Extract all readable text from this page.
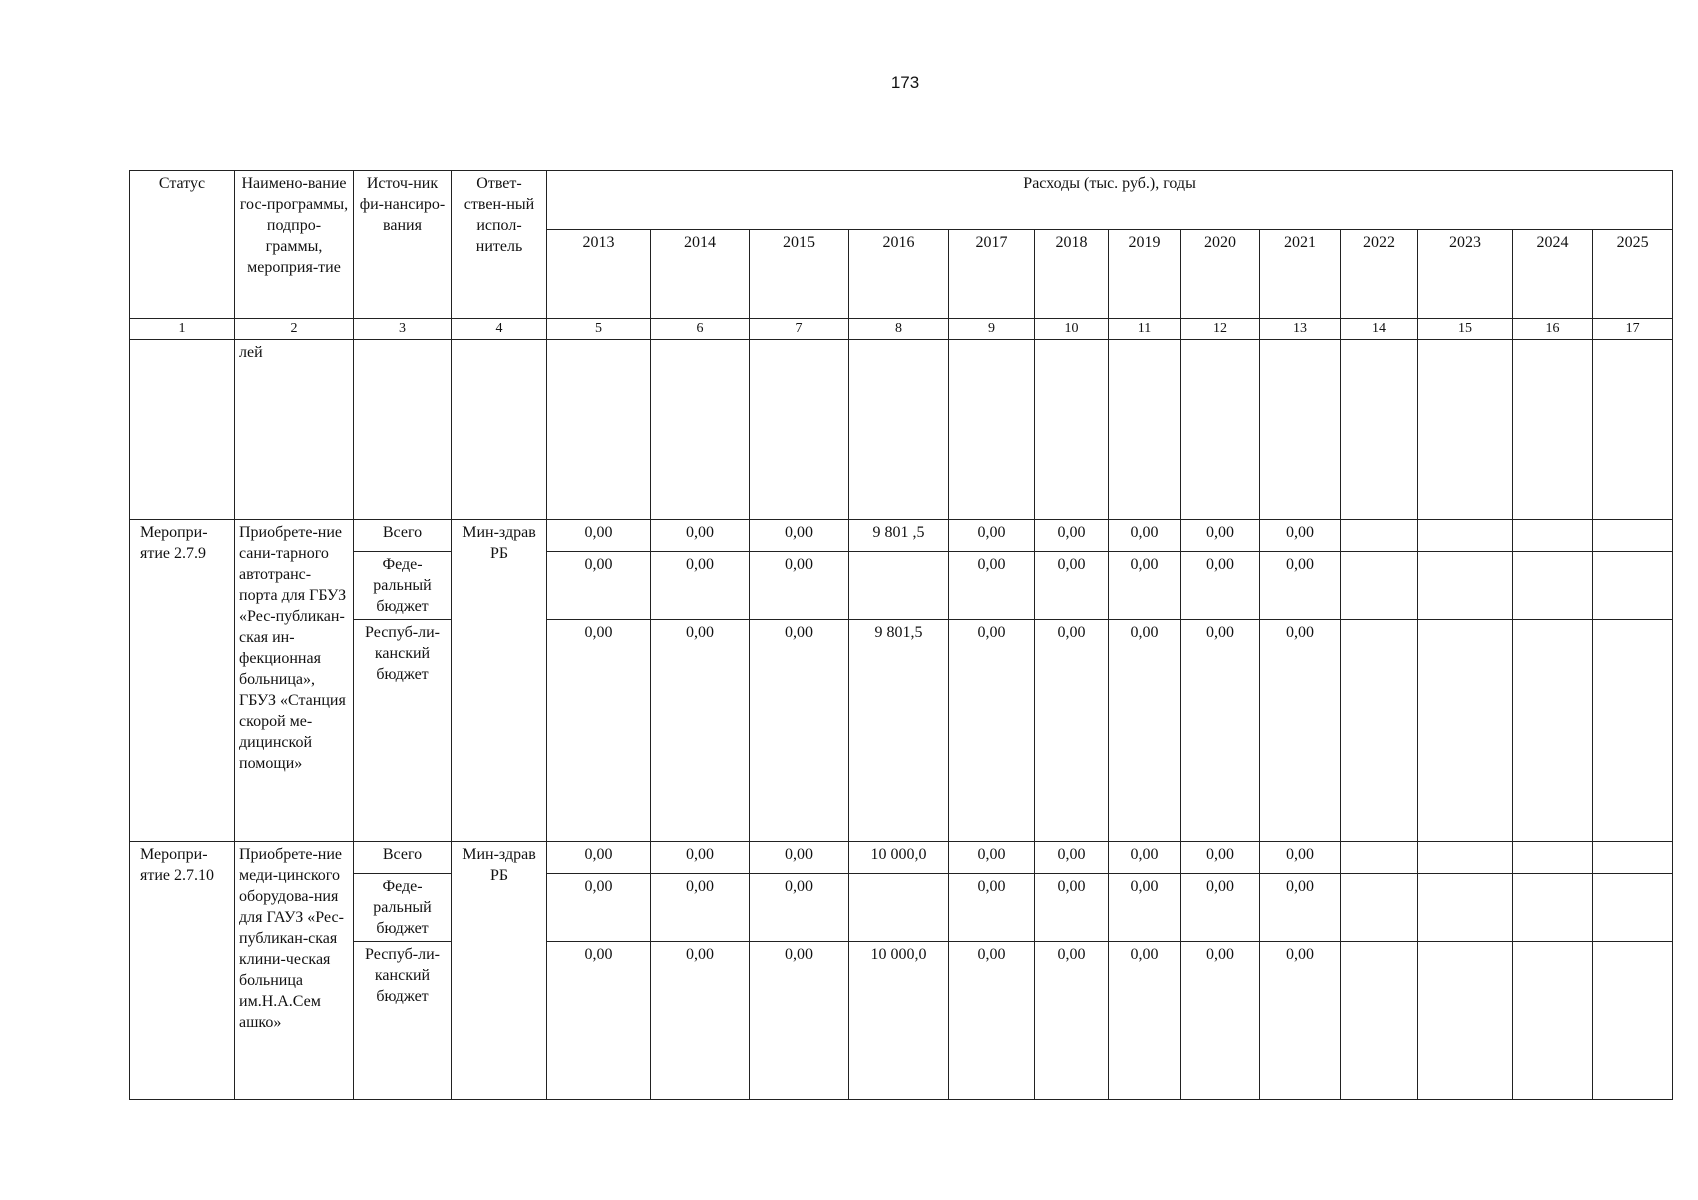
173
Статус	Наимено-вание гос-программы, подпро-граммы, мероприя-тие	Источ-ник фи-нансиро-вания	Ответ-ствен-ный испол-нитель	Расходы (тыс. руб.), годы												
				2013	2014	2015	2016	2017	2018	2019	2020	2021	2022	2023	2024	2025
1	2	3	4	5	6	7	8	9	10	11	12	13	14	15	16	17
	лей															
Меропри-ятие 2.7.9	Приобрете-ние сани-тарного автотранс-порта для ГБУЗ «Рес-публикан-ская ин-фекционная больница», ГБУЗ «Станция скорой ме-дицинской помощи»	Всего	Мин-здрав РБ	0,00	0,00	0,00	9 801 ,5	0,00	0,00	0,00	0,00	0,00				
		Феде-ральный бюджет		0,00	0,00	0,00		0,00	0,00	0,00	0,00	0,00				
		Респуб-ли-канский бюджет		0,00	0,00	0,00	9 801,5	0,00	0,00	0,00	0,00	0,00				
Меропри-ятие 2.7.10	Приобрете-ние меди-цинского оборудова-ния для ГАУЗ «Рес-публикан-ская клини-ческая больница им.Н.А.Сем ашко»	Всего	Мин-здрав РБ	0,00	0,00	0,00	10 000,0	0,00	0,00	0,00	0,00	0,00				
		Феде-ральный бюджет		0,00	0,00	0,00		0,00	0,00	0,00	0,00	0,00				
		Респуб-ли-канский бюджет		0,00	0,00	0,00	10 000,0	0,00	0,00	0,00	0,00	0,00				
